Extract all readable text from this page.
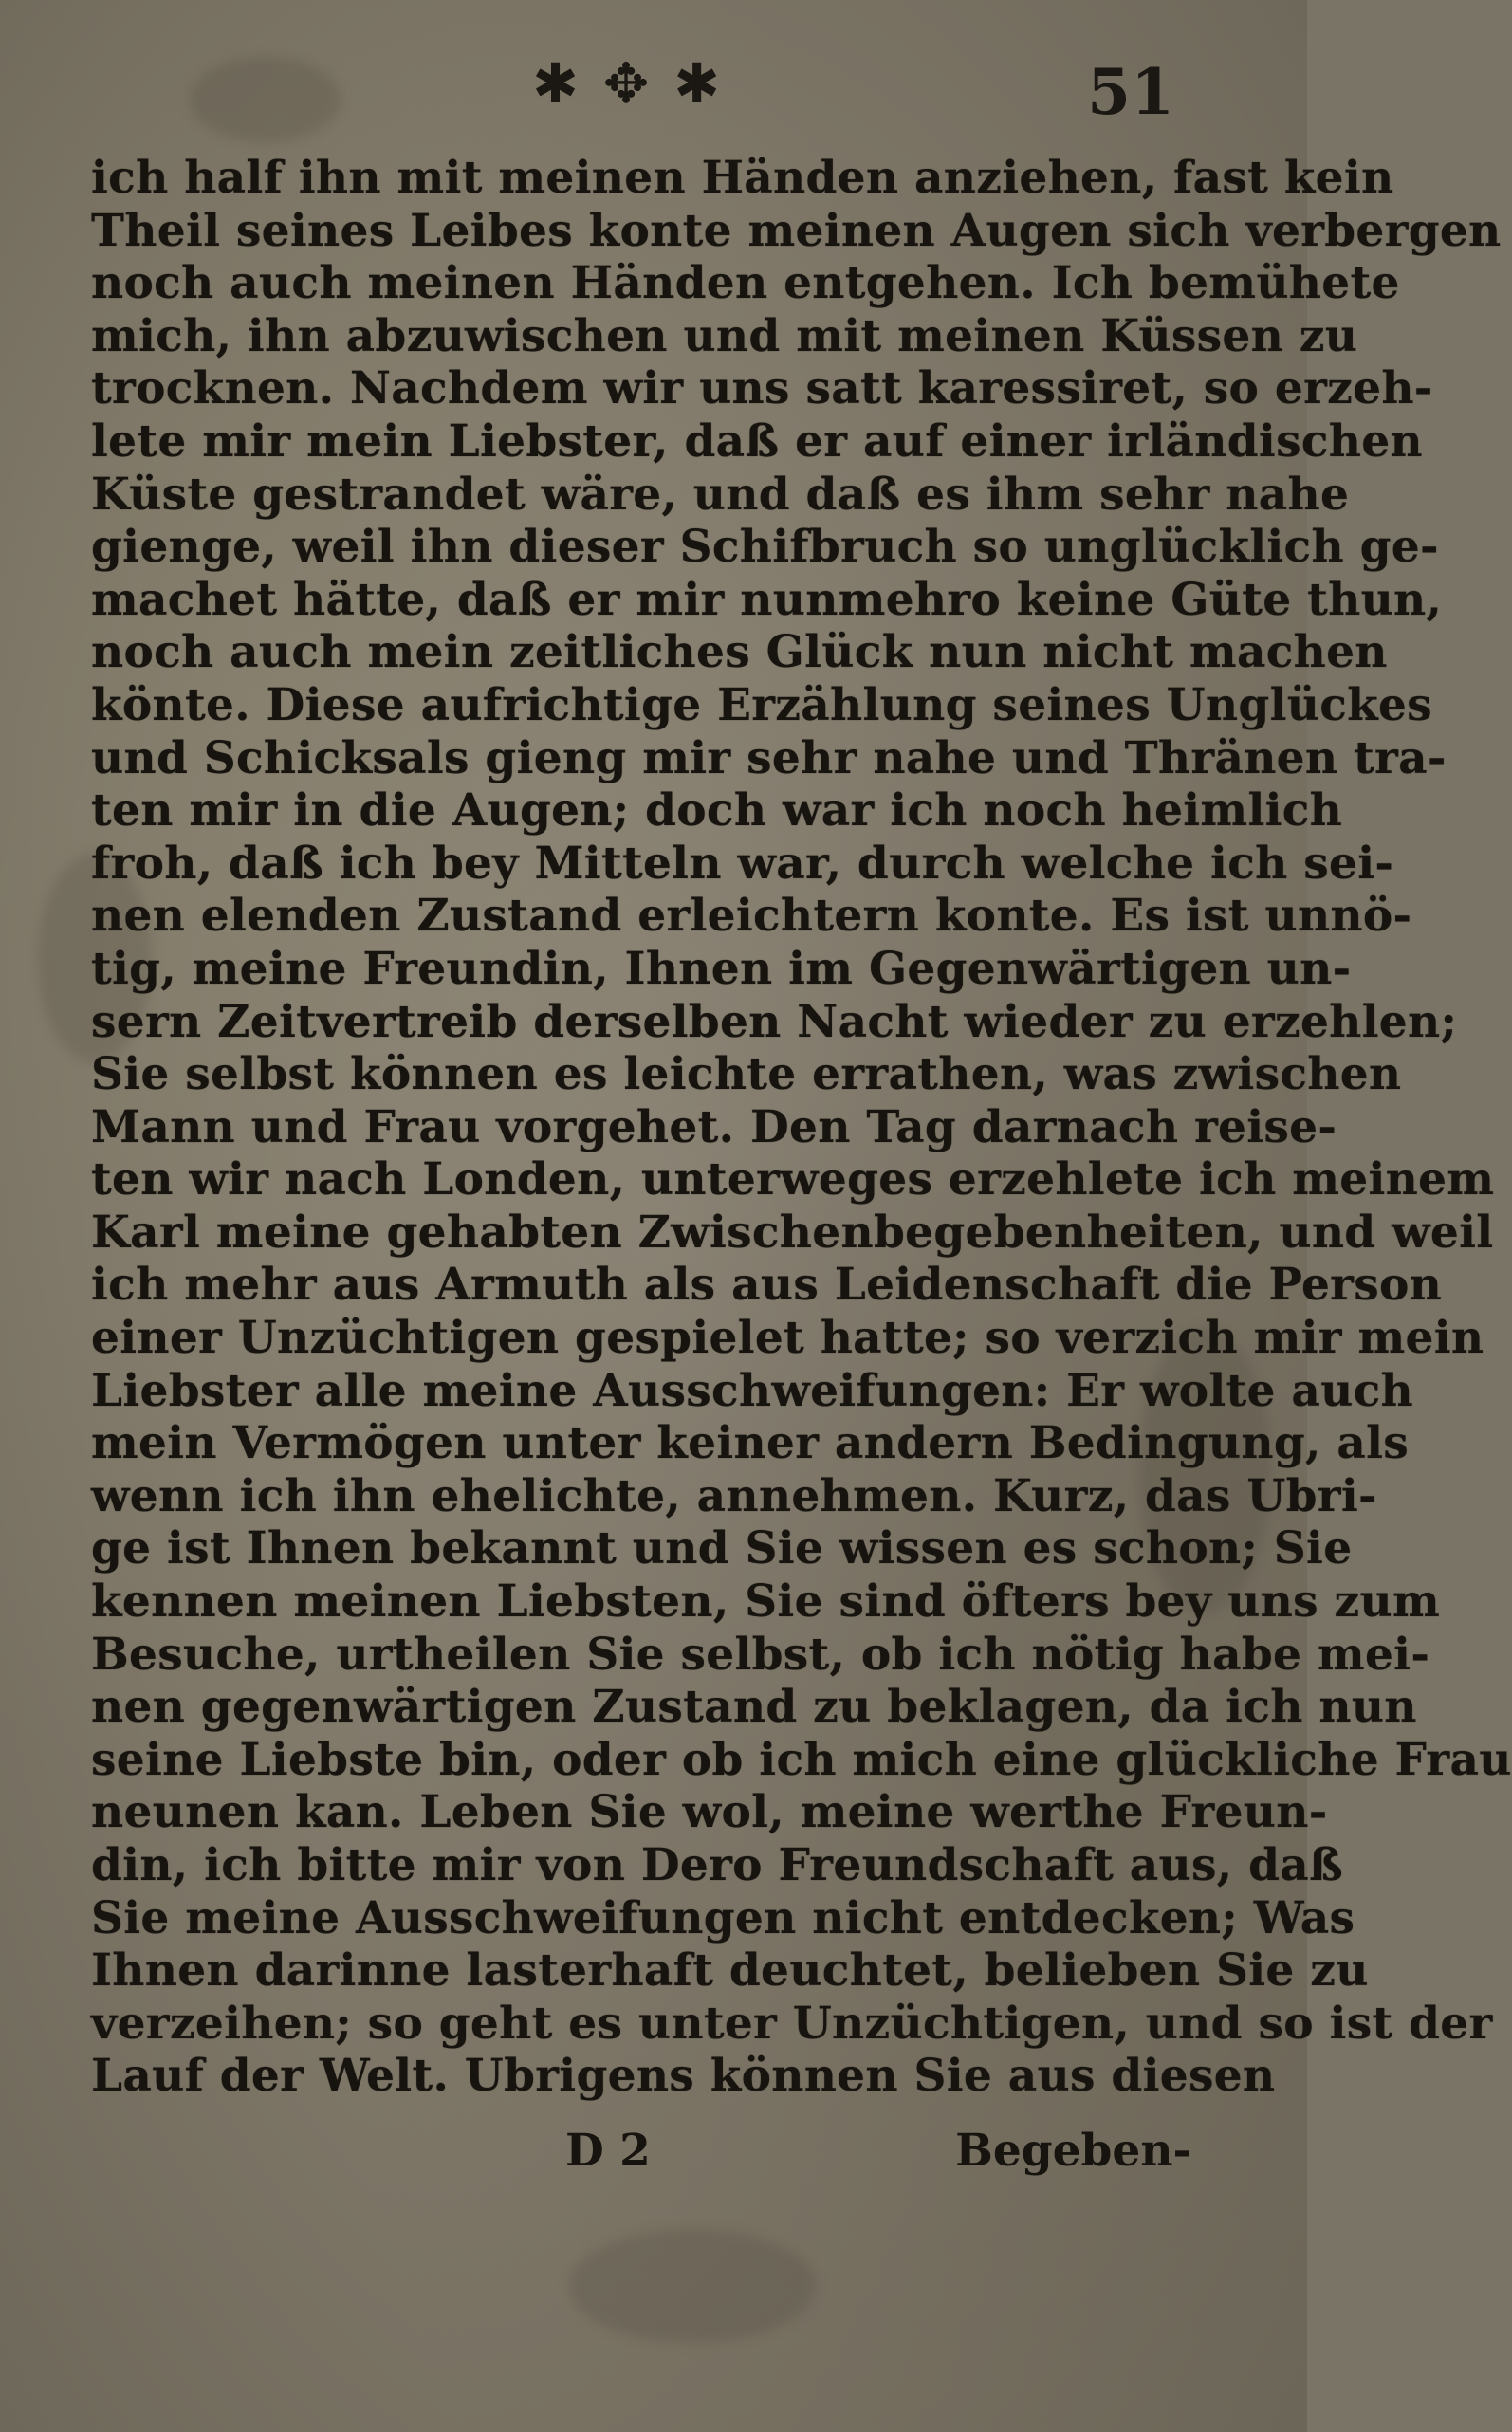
✱ ✥ ✱	51
ich half ihn mit meinen Händen anziehen, fast kein
Theil seines Leibes konte meinen Augen sich verbergen
noch auch meinen Händen entgehen. Ich bemühete
mich, ihn abzuwischen und mit meinen Küssen zu
trocknen. Nachdem wir uns satt karessiret, so erzeh-
lete mir mein Liebster, daß er auf einer irländischen
Küste gestrandet wäre, und daß es ihm sehr nahe
gienge, weil ihn dieser Schifbruch so unglücklich ge-
machet hätte, daß er mir nunmehro keine Güte thun,
noch auch mein zeitliches Glück nun nicht machen
könte. Diese aufrichtige Erzählung seines Unglückes
und Schicksals gieng mir sehr nahe und Thränen tra-
ten mir in die Augen; doch war ich noch heimlich
froh, daß ich bey Mitteln war, durch welche ich sei-
nen elenden Zustand erleichtern konte. Es ist unnö-
tig, meine Freundin, Ihnen im Gegenwärtigen un-
sern Zeitvertreib derselben Nacht wieder zu erzehlen;
Sie selbst können es leichte errathen, was zwischen
Mann und Frau vorgehet. Den Tag darnach reise-
ten wir nach Londen, unterweges erzehlete ich meinem
Karl meine gehabten Zwischenbegebenheiten, und weil
ich mehr aus Armuth als aus Leidenschaft die Person
einer Unzüchtigen gespielet hatte; so verzich mir mein
Liebster alle meine Ausschweifungen: Er wolte auch
mein Vermögen unter keiner andern Bedingung, als
wenn ich ihn ehelichte, annehmen. Kurz, das Ubri-
ge ist Ihnen bekannt und Sie wissen es schon; Sie
kennen meinen Liebsten, Sie sind öfters bey uns zum
Besuche, urtheilen Sie selbst, ob ich nötig habe mei-
nen gegenwärtigen Zustand zu beklagen, da ich nun
seine Liebste bin, oder ob ich mich eine glückliche Frau
neunen kan. Leben Sie wol, meine werthe Freun-
din, ich bitte mir von Dero Freundschaft aus, daß
Sie meine Ausschweifungen nicht entdecken; Was
Ihnen darinne lasterhaft deuchtet, belieben Sie zu
verzeihen; so geht es unter Unzüchtigen, und so ist der
Lauf der Welt. Ubrigens können Sie aus diesen
D 2	Begeben-
